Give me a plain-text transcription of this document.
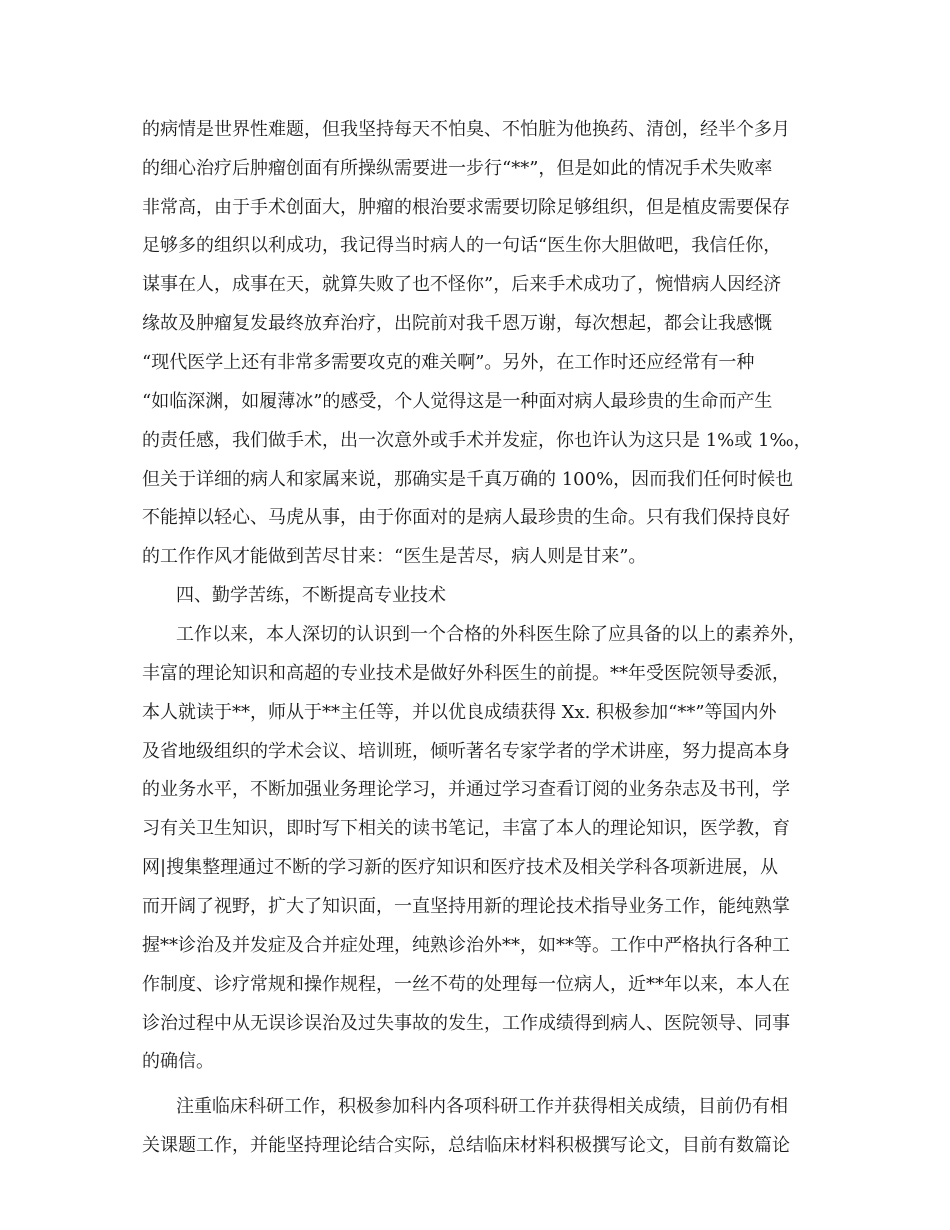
的病情是世界性难题，但我坚持每天不怕臭、不怕脏为他换药、清创，经半个多月
的细心治疗后肿瘤创面有所操纵需要进一步行“**”，但是如此的情况手术失败率
非常高，由于手术创面大，肿瘤的根治要求需要切除足够组织，但是植皮需要保存
足够多的组织以利成功，我记得当时病人的一句话“医生你大胆做吧，我信任你，
谋事在人，成事在天，就算失败了也不怪你”，后来手术成功了，惋惜病人因经济
缘故及肿瘤复发最终放弃治疗，出院前对我千恩万谢，每次想起，都会让我感慨
“现代医学上还有非常多需要攻克的难关啊”。另外，在工作时还应经常有一种
“如临深渊，如履薄冰”的感受，个人觉得这是一种面对病人最珍贵的生命而产生
的责任感，我们做手术，出一次意外或手术并发症，你也许认为这只是 1%或 1‰，
但关于详细的病人和家属来说，那确实是千真万确的 100%，因而我们任何时候也
不能掉以轻心、马虎从事，由于你面对的是病人最珍贵的生命。只有我们保持良好
的工作作风才能做到苦尽甘来：“医生是苦尽，病人则是甘来”。
四、勤学苦练，不断提高专业技术
工作以来，本人深切的认识到一个合格的外科医生除了应具备的以上的素养外，
丰富的理论知识和高超的专业技术是做好外科医生的前提。**年受医院领导委派，
本人就读于**，师从于**主任等，并以优良成绩获得 Xx. 积极参加“**”等国内外
及省地级组织的学术会议、培训班，倾听著名专家学者的学术讲座，努力提高本身
的业务水平，不断加强业务理论学习，并通过学习查看订阅的业务杂志及书刊，学
习有关卫生知识，即时写下相关的读书笔记，丰富了本人的理论知识，医学教，育
网|搜集整理通过不断的学习新的医疗知识和医疗技术及相关学科各项新进展，从
而开阔了视野，扩大了知识面，一直坚持用新的理论技术指导业务工作，能纯熟掌
握**诊治及并发症及合并症处理，纯熟诊治外**，如**等。工作中严格执行各种工
作制度、诊疗常规和操作规程，一丝不苟的处理每一位病人，近**年以来，本人在
诊治过程中从无误诊误治及过失事故的发生，工作成绩得到病人、医院领导、同事
的确信。
注重临床科研工作，积极参加科内各项科研工作并获得相关成绩，目前仍有相
关课题工作，并能坚持理论结合实际，总结临床材料积极撰写论文，目前有数篇论
